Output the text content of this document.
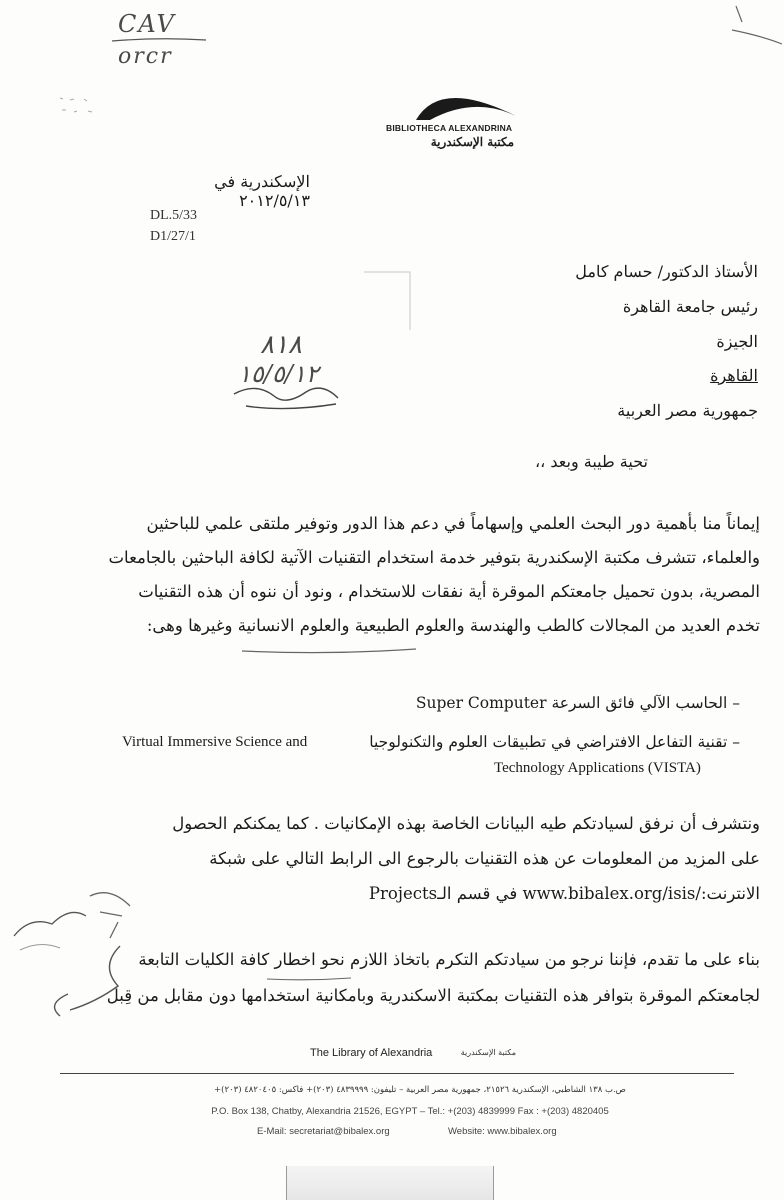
CAV
orcr
BIBLIOTHECA ALEXANDRINA
مكتبة الإسكندرية
الإسكندرية في ٢٠١٢/٥/١٣
DL.5/33
D1/27/1
الأستاذ الدكتور/ حسام كامل
رئيس جامعة القاهرة
الجيزة
القاهرة
جمهورية مصر العربية
٨١٨
١٥/٥/١٢
تحية طيبة وبعد ،،
إيماناً منا بأهمية دور البحث العلمي وإسهاماً في دعم هذا الدور وتوفير ملتقى علمي للباحثين
والعلماء، تتشرف مكتبة الإسكندرية بتوفير خدمة استخدام التقنيات الآتية لكافة الباحثين بالجامعات
المصرية، بدون تحميل جامعتكم الموقرة أية نفقات للاستخدام ، ونود أن ننوه أن هذه التقنيات
تخدم العديد من المجالات كالطب والهندسة والعلوم الطبيعية والعلوم الانسانية وغيرها وهى:
– الحاسب الآلي فائق السرعة Super Computer
– تقنية التفاعل الافتراضي في تطبيقات العلوم والتكنولوجيا
Virtual Immersive Science and
Technology Applications (VISTA)
ونتشرف أن نرفق لسيادتكم طيه البيانات الخاصة بهذه الإمكانيات . كما يمكنكم الحصول
على المزيد من المعلومات عن هذه التقنيات بالرجوع الى الرابط التالي على شبكة
الانترنت:/www.bibalex.org/isis في قسم الـProjects
بناء على ما تقدم، فإننا نرجو من سيادتكم التكرم باتخاذ اللازم نحو اخطار كافة الكليات التابعة
لجامعتكم الموقرة بتوافر هذه التقنيات بمكتبة الاسكندرية وبامكانية استخدامها دون مقابل من قِبل
The Library of Alexandria	مكتبة الإسكندرية
ص.ب ١٣٨ الشاطبي، الإسكندرية ٢١٥٢٦، جمهورية مصر العربية – تليفون: ٤٨٣٩٩٩٩ (٢٠٣)+ فاكس: ٤٨٢٠٤٠٥ (٢٠٣)+
P.O. Box 138, Chatby, Alexandria 21526, EGYPT – Tel.: +(203) 4839999 Fax : +(203) 4820405
E-Mail: secretariat@bibalex.org	Website: www.bibalex.org
